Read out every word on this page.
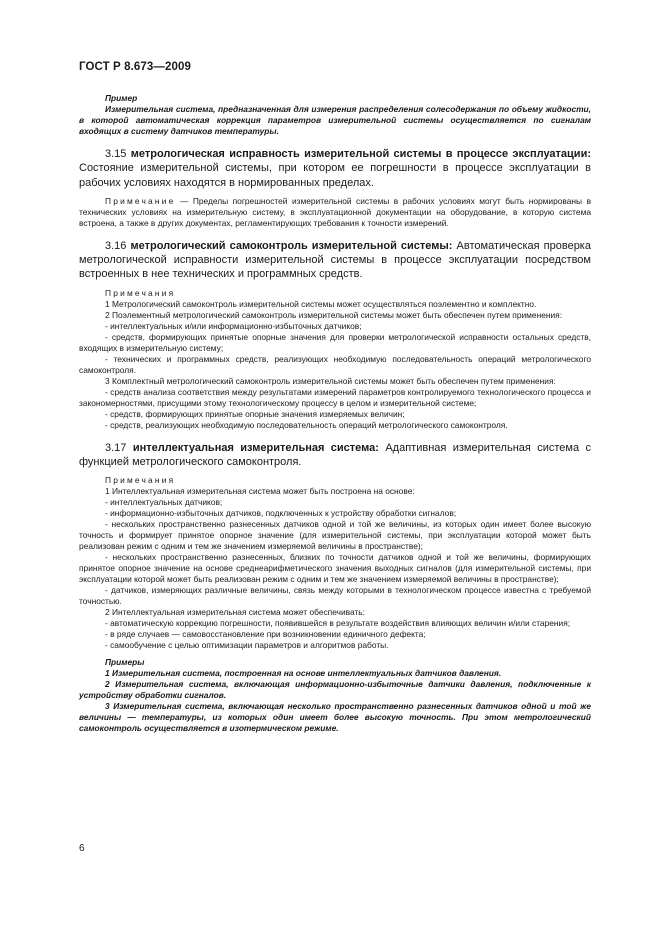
ГОСТ Р 8.673—2009

Пример

Измерительная система, предназначенная для измерения распределения солесодержания по объему жидкости, в которой автоматическая коррекция параметров измерительной системы осуществляется по сигналам входящих в систему датчиков температуры.

3.15 метрологическая исправность измерительной системы в процессе эксплуатации: Состояние измерительной системы, при котором ее погрешности в процессе эксплуатации в рабочих условиях находятся в нормированных пределах.

Примечание — Пределы погрешностей измерительной системы в рабочих условиях могут быть нормированы в технических условиях на измерительную систему, в эксплуатационной документации на оборудование, в которую система встроена, а также в других документах, регламентирующих требования к точности измерений.

3.16 метрологический самоконтроль измерительной системы: Автоматическая проверка метрологической исправности измерительной системы в процессе эксплуатации посредством встроенных в нее технических и программных средств.

Примечания

1 Метрологический самоконтроль измерительной системы может осуществляться поэлементно и комплектно.

2 Поэлементный метрологический самоконтроль измерительной системы может быть обеспечен путем применения:

- интеллектуальных и/или информационно-избыточных датчиков;

- средств, формирующих принятые опорные значения для проверки метрологической исправности остальных средств, входящих в измерительную систему;

- технических и программных средств, реализующих необходимую последовательность операций метрологического самоконтроля.

3 Комплектный метрологический самоконтроль измерительной системы может быть обеспечен путем применения:

- средств анализа соответствия между результатами измерений параметров контролируемого технологического процесса и закономерностями, присущими этому технологическому процессу в целом и измерительной системе;

- средств, формирующих принятые опорные значения измеряемых величин;

- средств, реализующих необходимую последовательность операций метрологического самоконтроля.

3.17 интеллектуальная измерительная система: Адаптивная измерительная система с функцией метрологического самоконтроля.

Примечания

1 Интеллектуальная измерительная система может быть построена на основе:

- интеллектуальных датчиков;

- информационно-избыточных датчиков, подключенных к устройству обработки сигналов;

- нескольких пространственно разнесенных датчиков одной и той же величины, из которых один имеет более высокую точность и формирует принятое опорное значение (для измерительной системы, при эксплуатации которой может быть реализован режим с одним и тем же значением измеряемой величины в пространстве);

- нескольких пространственно разнесенных, близких по точности датчиков одной и той же величины, формирующих принятое опорное значение на основе среднеарифметического значения выходных сигналов (для измерительной системы, при эксплуатации которой может быть реализован режим с одним и тем же значением измеряемой величины в пространстве);

- датчиков, измеряющих различные величины, связь между которыми в технологическом процессе известна с требуемой точностью.

2 Интеллектуальная измерительная система может обеспечивать:

- автоматическую коррекцию погрешности, появившейся в результате воздействия влияющих величин и/или старения;

- в ряде случаев — самовосстановление при возникновении единичного дефекта;

- самообучение с целью оптимизации параметров и алгоритмов работы.

Примеры

1 Измерительная система, построенная на основе интеллектуальных датчиков давления.

2 Измерительная система, включающая информационно-избыточные датчики давления, подключенные к устройству обработки сигналов.

3 Измерительная система, включающая несколько пространственно разнесенных датчиков одной и той же величины — температуры, из которых один имеет более высокую точность. При этом метрологический самоконтроль осуществляется в изотермическом режиме.

6
